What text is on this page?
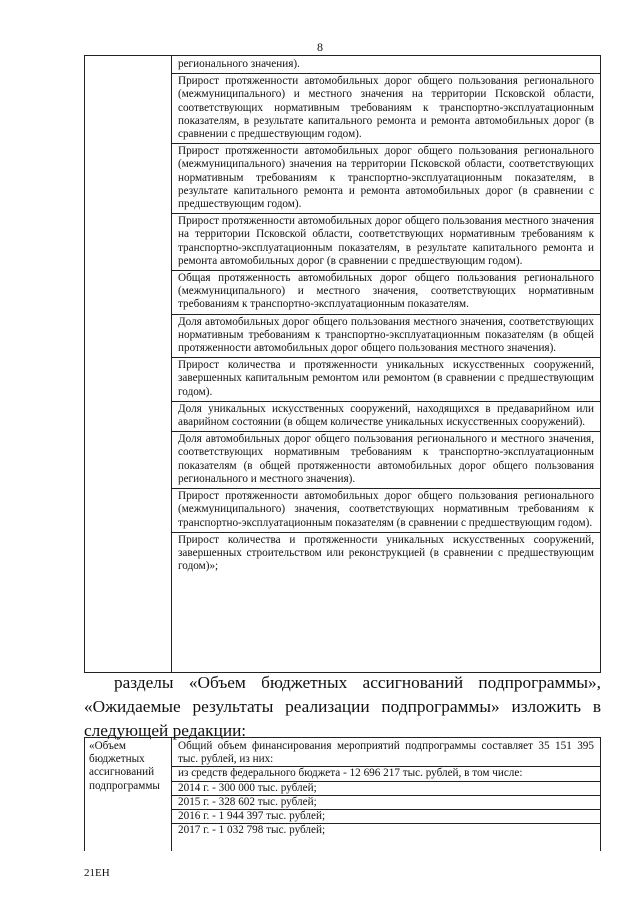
8

регионального значения).

Прирост протяженности автомобильных дорог общего пользования регионального (межмуниципального) и местного значения на территории Псковской области, соответствующих нормативным требованиям к транспортно-эксплуатационным показателям, в результате капитального ремонта и ремонта автомобильных дорог (в сравнении с предшествующим годом).

Прирост протяженности автомобильных дорог общего пользования регионального (межмуниципального) значения на территории Псковской области, соответствующих нормативным требованиям к транспортно-эксплуатационным показателям, в результате капитального ремонта и ремонта автомобильных дорог (в сравнении с предшествующим годом).

Прирост протяженности автомобильных дорог общего пользования местного значения на территории Псковской области, соответствующих нормативным требованиям к транспортно-эксплуатационным показателям, в результате капитального ремонта и ремонта автомобильных дорог (в сравнении с предшествующим годом).

Общая протяженность автомобильных дорог общего пользования регионального (межмуниципального) и местного значения, соответствующих нормативным требованиям к транспортно-эксплуатационным показателям.

Доля автомобильных дорог общего пользования местного значения, соответствующих нормативным требованиям к транспортно-эксплуатационным показателям (в общей протяженности автомобильных дорог общего пользования местного значения).

Прирост количества и протяженности уникальных искусственных сооружений, завершенных капитальным ремонтом или ремонтом (в сравнении с предшествующим годом).

Доля уникальных искусственных сооружений, находящихся в предаварийном или аварийном состоянии (в общем количестве уникальных искусственных сооружений).

Доля автомобильных дорог общего пользования регионального и местного значения, соответствующих нормативным требованиям к транспортно-эксплуатационным показателям (в общей протяженности автомобильных дорог общего пользования регионального и местного значения).

Прирост протяженности автомобильных дорог общего пользования регионального (межмуниципального) значения, соответствующих нормативным требованиям к транспортно-эксплуатационным показателям (в сравнении с предшествующим годом).

Прирост количества и протяженности уникальных искусственных сооружений, завершенных строительством или реконструкцией (в сравнении с предшествующим годом)»;

разделы «Объем бюджетных ассигнований подпрограммы», «Ожидаемые результаты реализации подпрограммы» изложить в следующей редакции:

«Объем бюджетных ассигнований подпрограммы
Общий объем финансирования мероприятий подпрограммы составляет 35 151 395 тыс. рублей, из них:
из средств федерального бюджета - 12 696 217 тыс. рублей, в том числе:
2014 г. - 300 000 тыс. рублей;
2015 г. - 328 602 тыс. рублей;
2016 г. - 1 944 397 тыс. рублей;
2017 г. - 1 032 798 тыс. рублей;
21ЕН
